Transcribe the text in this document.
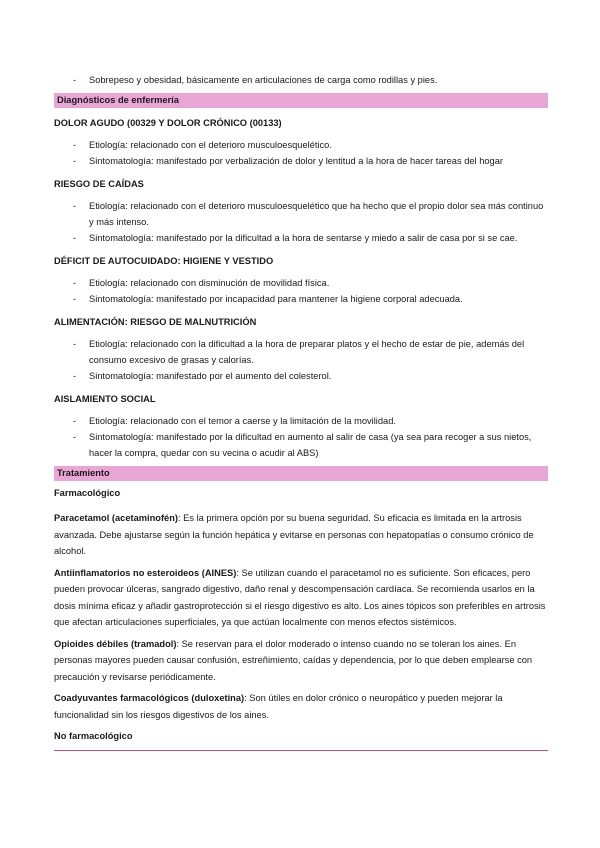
- Sobrepeso y obesidad, básicamente en articulaciones de carga como rodillas y pies.

Diagnósticos de enfermería
DOLOR AGUDO (00329 Y DOLOR CRÓNICO (00133)

- Etiología: relacionado con el deterioro musculoesquelético.

- Sintomatología: manifestado por verbalización de dolor y lentitud a la hora de hacer tareas del hogar

RIESGO DE CAÍDAS

- Etiología: relacionado con el deterioro musculoesquelético que ha hecho que el propio dolor sea más continuo y más intenso.

- Sintomatología: manifestado por la dificultad a la hora de sentarse y miedo a salir de casa por si se cae.

DÉFICIT DE AUTOCUIDADO: HIGIENE Y VESTIDO

- Etiología: relacionado con disminución de movilidad física.

- Sintomatología: manifestado por incapacidad para mantener la higiene corporal adecuada.

ALIMENTACIÓN: RIESGO DE MALNUTRICIÓN

- Etiología: relacionado con la dificultad a la hora de preparar platos y el hecho de estar de pie, además del consumo excesivo de grasas y calorías.

- Sintomatología: manifestado por el aumento del colesterol.

AISLAMIENTO SOCIAL

- Etiología: relacionado con el temor a caerse y la limitación de la movilidad.

- Sintomatología: manifestado por la dificultad en aumento al salir de casa (ya sea para recoger a sus nietos, hacer la compra, quedar con su vecina o acudir al ABS)

Tratamiento
Farmacológico

Paracetamol (acetaminofén): Es la primera opción por su buena seguridad. Su eficacia es limitada en la artrosis avanzada. Debe ajustarse según la función hepática y evitarse en personas con hepatopatías o consumo crónico de alcohol.

Antiinflamatorios no esteroideos (AINES): Se utilizan cuando el paracetamol no es suficiente. Son eficaces, pero pueden provocar úlceras, sangrado digestivo, daño renal y descompensación cardíaca. Se recomienda usarlos en la dosis mínima eficaz y añadir gastroprotección si el riesgo digestivo es alto. Los aines tópicos son preferibles en artrosis que afectan articulaciones superficiales, ya que actúan localmente con menos efectos sistémicos.

Opioides débiles (tramadol): Se reservan para el dolor moderado o intenso cuando no se toleran los aines. En personas mayores pueden causar confusión, estreñimiento, caídas y dependencia, por lo que deben emplearse con precaución y revisarse periódicamente.

Coadyuvantes farmacológicos (duloxetina): Son útiles en dolor crónico o neuropático y pueden mejorar la funcionalidad sin los riesgos digestivos de los aines.

No farmacológico
